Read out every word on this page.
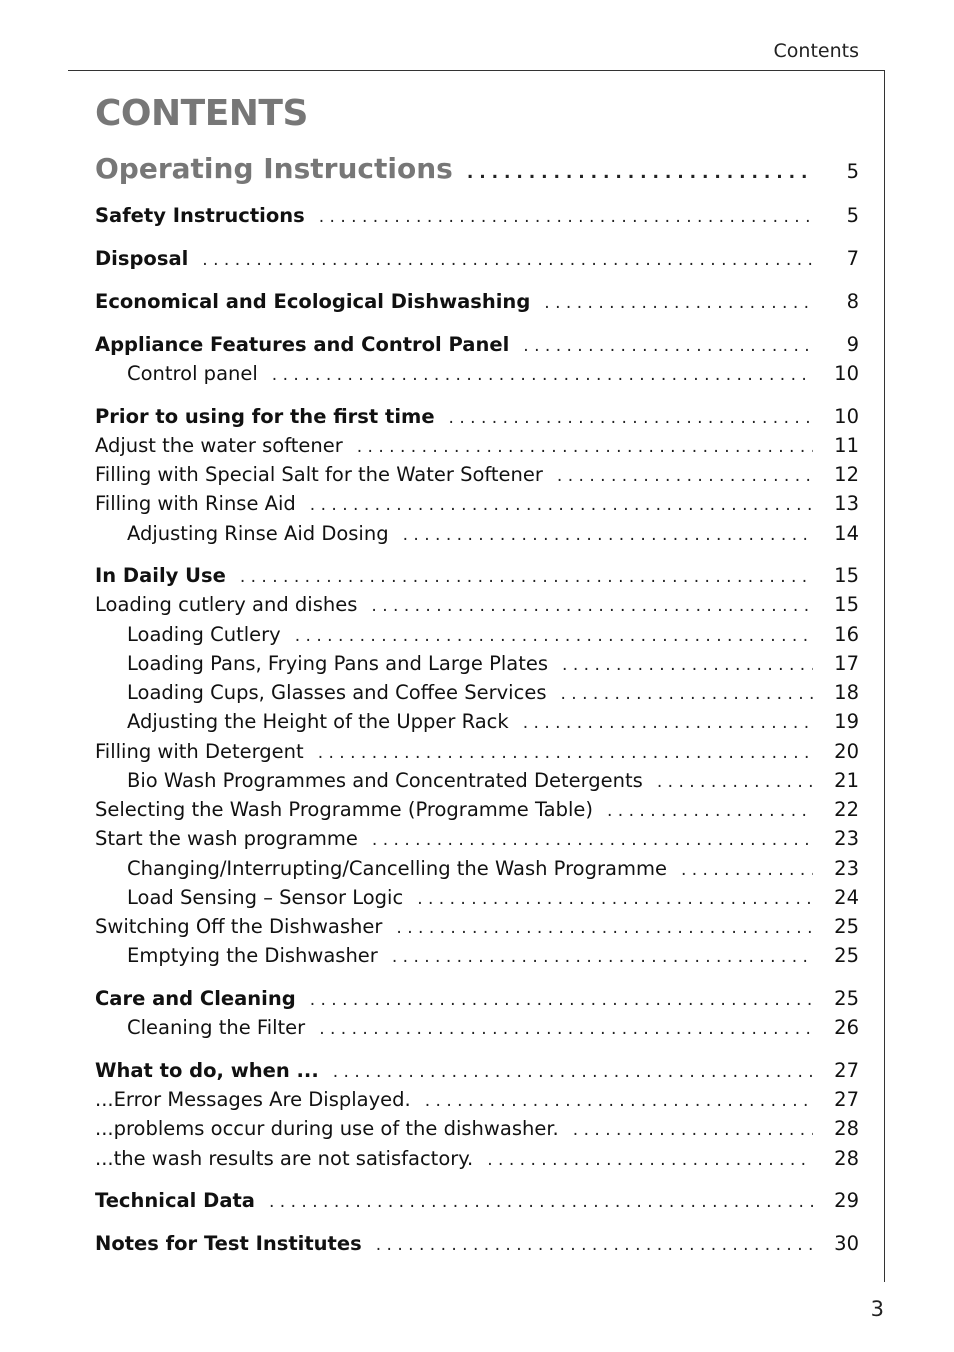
Contents
CONTENTS
Operating Instructions . . .	5
Safety Instructions . . .	5
Disposal . . .	7
Economical and Ecological Dishwashing . . .	8
Appliance Features and Control Panel . . .	9
Control panel . . .	10
Prior to using for the first time . . .	10
Adjust the water softener . . .	11
Filling with Special Salt for the Water Softener . . .	12
Filling with Rinse Aid . . .	13
Adjusting Rinse Aid Dosing . . .	14
In Daily Use . . .	15
Loading cutlery and dishes . . .	15
Loading Cutlery . . .	16
Loading Pans, Frying Pans and Large Plates . . .	17
Loading Cups, Glasses and Coffee Services . . .	18
Adjusting the Height of the Upper Rack . . .	19
Filling with Detergent . . .	20
Bio Wash Programmes and Concentrated Detergents . . .	21
Selecting the Wash Programme (Programme Table) . . .	22
Start the wash programme . . .	23
Changing/Interrupting/Cancelling the Wash Programme . . .	23
Load Sensing – Sensor Logic . . .	24
Switching Off the Dishwasher . . .	25
Emptying the Dishwasher . . .	25
Care and Cleaning . . .	25
Cleaning the Filter . . .	26
What to do, when ... . . .	27
...Error Messages Are Displayed. . . .	27
...problems occur during use of the dishwasher. . . .	28
...the wash results are not satisfactory. . . .	28
Technical Data . . .	29
Notes for Test Institutes . . .	30
3
